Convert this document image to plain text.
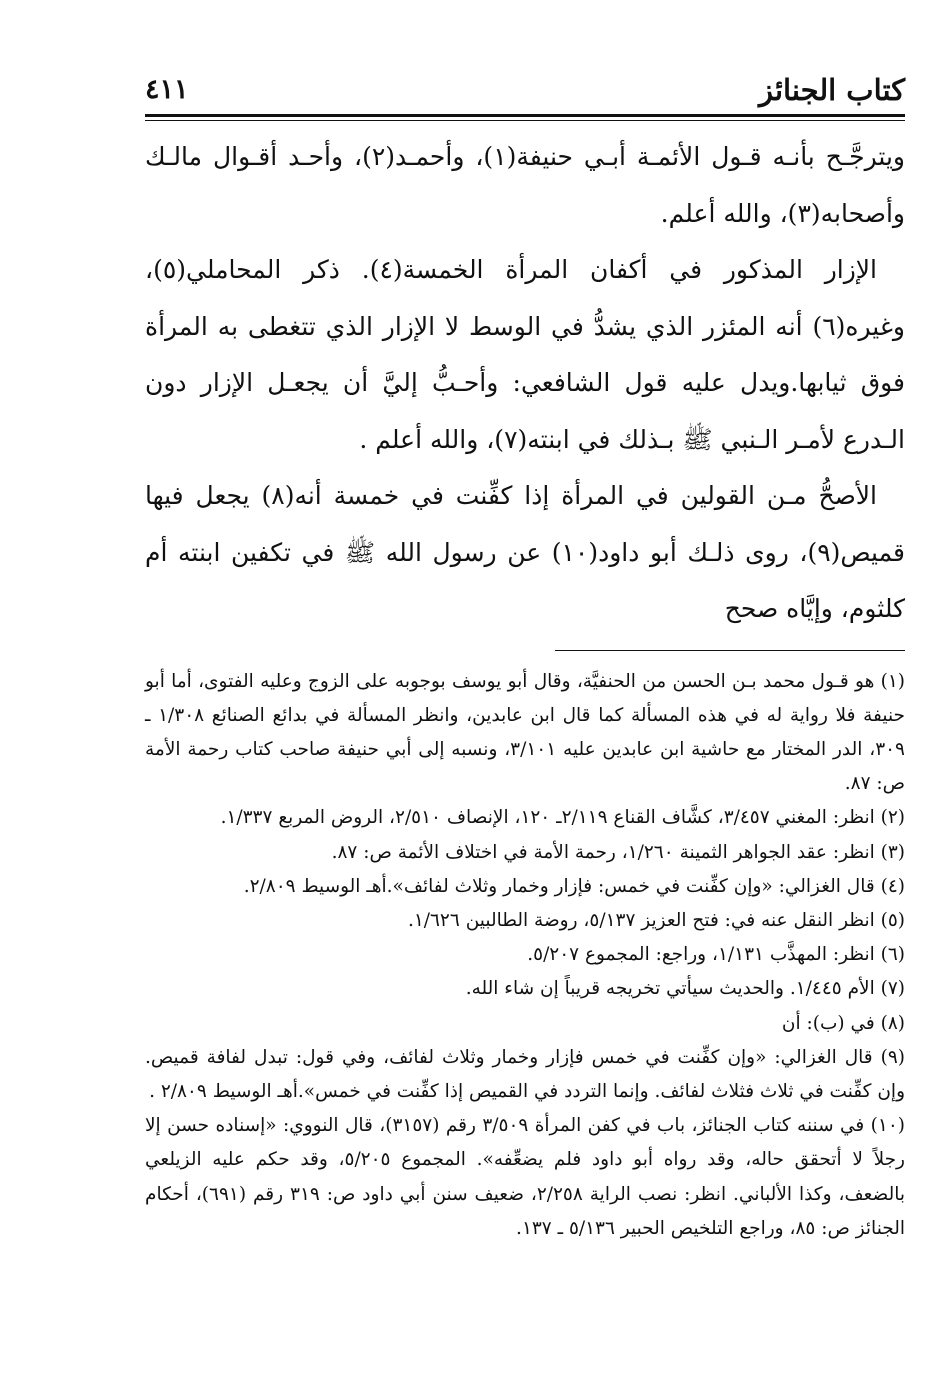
كتاب الجنائز
٤١١

ويترجَّـح بأنـه قـول الأئمـة أبـي حنيفة(١)، وأحمـد(٢)، وأحـد أقـوال مالـك وأصحابه(٣)، والله أعلم.

الإزار المذكور في أكفان المرأة الخمسة(٤). ذكر المحاملي(٥)، وغيره(٦) أنه المئزر الذي يشدُّ في الوسط لا الإزار الذي تتغطى به المرأة فوق ثيابها.ويدل عليه قول الشافعي: وأحـبُّ إليَّ أن يجعـل الإزار دون الـدرع لأمـر الـنبي ﷺ بـذلك في ابنته(٧)، والله أعلم .

الأصحُّ مـن القولين في المرأة إذا كفِّنت في خمسة أنه(٨) يجعل فيها قميص(٩)، روى ذلـك أبو داود(١٠) عن رسول الله ﷺ في تكفين ابنته أم كلثوم، وإيَّاه صحح

(١) هو قـول محمد بـن الحسن من الحنفيَّة، وقال أبو يوسف بوجوبه على الزوج وعليه الفتوى، أما أبو حنيفة فلا رواية له في هذه المسألة كما قال ابن عابدين، وانظر المسألة في بدائع الصنائع ١/٣٠٨ ـ ٣٠٩، الدر المختار مع حاشية ابن عابدين عليه ٣/١٠١، ونسبه إلى أبي حنيفة صاحب كتاب رحمة الأمة ص: ٨٧.

(٢) انظر: المغني ٣/٤٥٧، كشَّاف القناع ٢/١١٩ـ ١٢٠، الإنصاف ٢/٥١٠، الروض المربع ١/٣٣٧.

(٣) انظر: عقد الجواهر الثمينة ١/٢٦٠، رحمة الأمة في اختلاف الأئمة ص: ٨٧.

(٤) قال الغزالي: «وإن كفِّنت في خمس: فإزار وخمار وثلاث لفائف».أهـ الوسيط ٢/٨٠٩.

(٥) انظر النقل عنه في: فتح العزيز ٥/١٣٧، روضة الطالبين ١/٦٢٦.

(٦) انظر: المهذَّب ١/١٣١، وراجع: المجموع ٥/٢٠٧.

(٧) الأم ١/٤٤٥. والحديث سيأتي تخريجه قريباً إن شاء الله.

(٨) في (ب): أن

(٩) قال الغزالي: «وإن كفِّنت في خمس فإزار وخمار وثلاث لفائف، وفي قول: تبدل لفافة قميص. وإن كفِّنت في ثلاث فثلاث لفائف. وإنما التردد في القميص إذا كفِّنت في خمس».أهـ الوسيط ٢/٨٠٩ .

(١٠) في سننه كتاب الجنائز، باب في كفن المرأة ٣/٥٠٩ رقم (٣١٥٧)، قال النووي: «إسناده حسن إلا رجلاً لا أتحقق حاله، وقد رواه أبو داود فلم يضعِّفه». المجموع ٥/٢٠٥، وقد حكم عليه الزيلعي بالضعف، وكذا الألباني. انظر: نصب الراية ٢/٢٥٨، ضعيف سنن أبي داود ص: ٣١٩ رقم (٦٩١)، أحكام الجنائز ص: ٨٥، وراجع التلخيص الحبير ٥/١٣٦ ـ ١٣٧.
